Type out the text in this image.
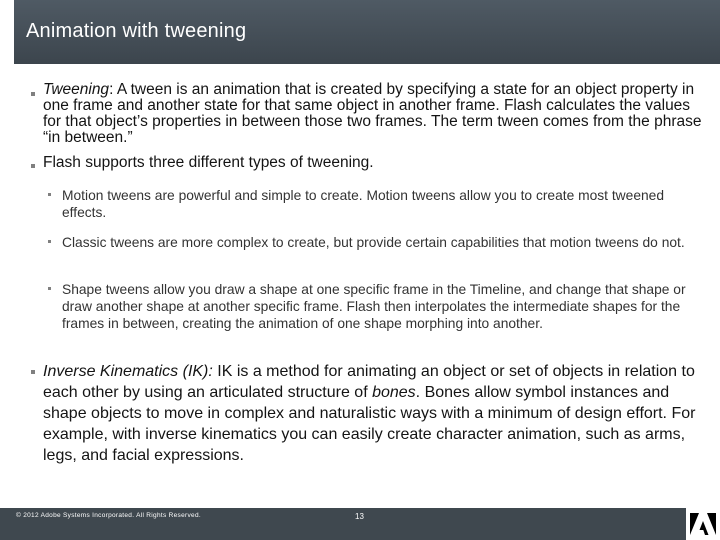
Animation with tweening
Tweening: A tween is an animation that is created by specifying a state for an object property in one frame and another state for that same object in another frame. Flash calculates the values for that object’s properties in between those two frames. The term tween comes from the phrase “in between.”
Flash supports three different types of tweening.
Motion tweens are powerful and simple to create. Motion tweens allow you to create most tweened effects.
Classic tweens are more complex to create, but provide certain capabilities that motion tweens do not.
Shape tweens allow you draw a shape at one specific frame in the Timeline, and change that shape or draw another shape at another specific frame. Flash then interpolates the intermediate shapes for the frames in between, creating the animation of one shape morphing into another.
Inverse Kinematics (IK): IK is a method for animating an object or set of objects in relation to each other by using an articulated structure of bones. Bones allow symbol instances and shape objects to move in complex and naturalistic ways with a minimum of design effort. For example, with inverse kinematics you can easily create character animation, such as arms, legs, and facial expressions.
© 2012 Adobe Systems Incorporated. All Rights Reserved.	13
